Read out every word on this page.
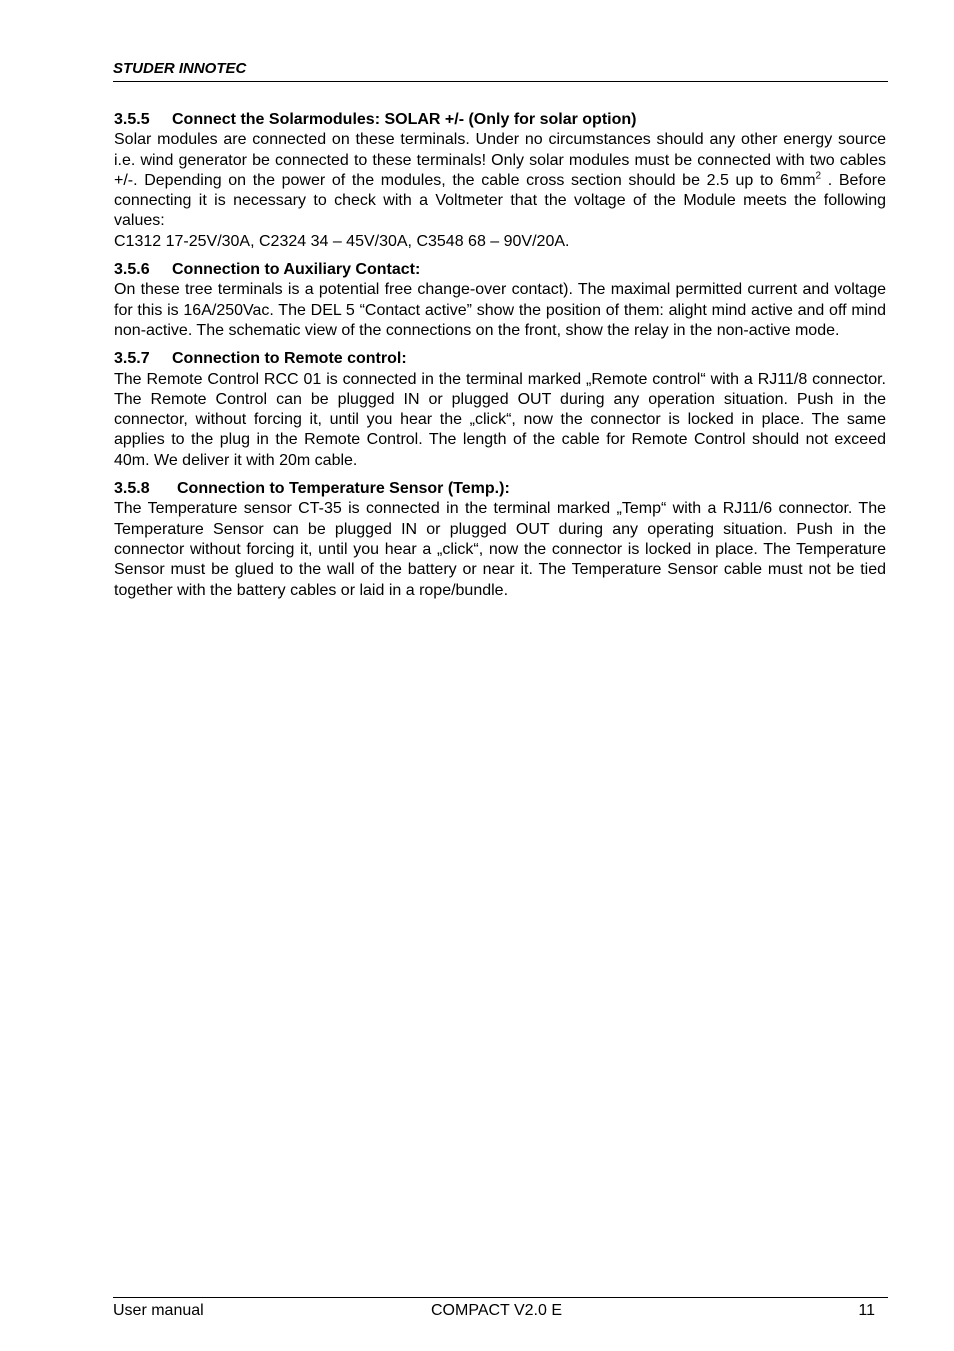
STUDER INNOTEC
3.5.5 Connect the Solarmodules: SOLAR +/- (Only for solar option)

Solar modules are connected on these terminals. Under no circumstances should any other energy source i.e. wind generator be connected to these terminals! Only solar modules must be connected with two cables +/-. Depending on the power of the modules, the cable cross section should be 2.5 up to $6mm^2$ . Before connecting it is necessary to check with a Voltmeter that the voltage of the Module meets the following values:

C1312 17-25V/30A, C2324 34 – 45V/30A, C3548 68 – 90V/20A.

3.5.6 Connection to Auxiliary Contact:

On these tree terminals is a potential free change-over contact). The maximal permitted current and voltage for this is 16A/250Vac. The DEL 5 “Contact active” show the position of them: alight mind active and off mind non-active. The schematic view of the connections on the front, show the relay in the non-active mode.

3.5.7 Connection to Remote control:

The Remote Control RCC 01 is connected in the terminal marked „Remote control“ with a RJ11/8 connector. The Remote Control can be plugged IN or plugged OUT during any operation situation. Push in the connector, without forcing it, until you hear the „click“, now the connector is locked in place. The same applies to the plug in the Remote Control. The length of the cable for Remote Control should not exceed 40m. We deliver it with 20m cable.

3.5.8 Connection to Temperature Sensor (Temp.):

The Temperature sensor CT-35 is connected in the terminal marked „Temp“ with a RJ11/6 connector. The Temperature Sensor can be plugged IN or plugged OUT during any operating situation. Push in the connector without forcing it, until you hear a „click“, now the connector is locked in place. The Temperature Sensor must be glued to the wall of the battery or near it. The Temperature Sensor cable must not be tied together with the battery cables or laid in a rope/bundle.

User manual	COMPACT V2.0 E	11
